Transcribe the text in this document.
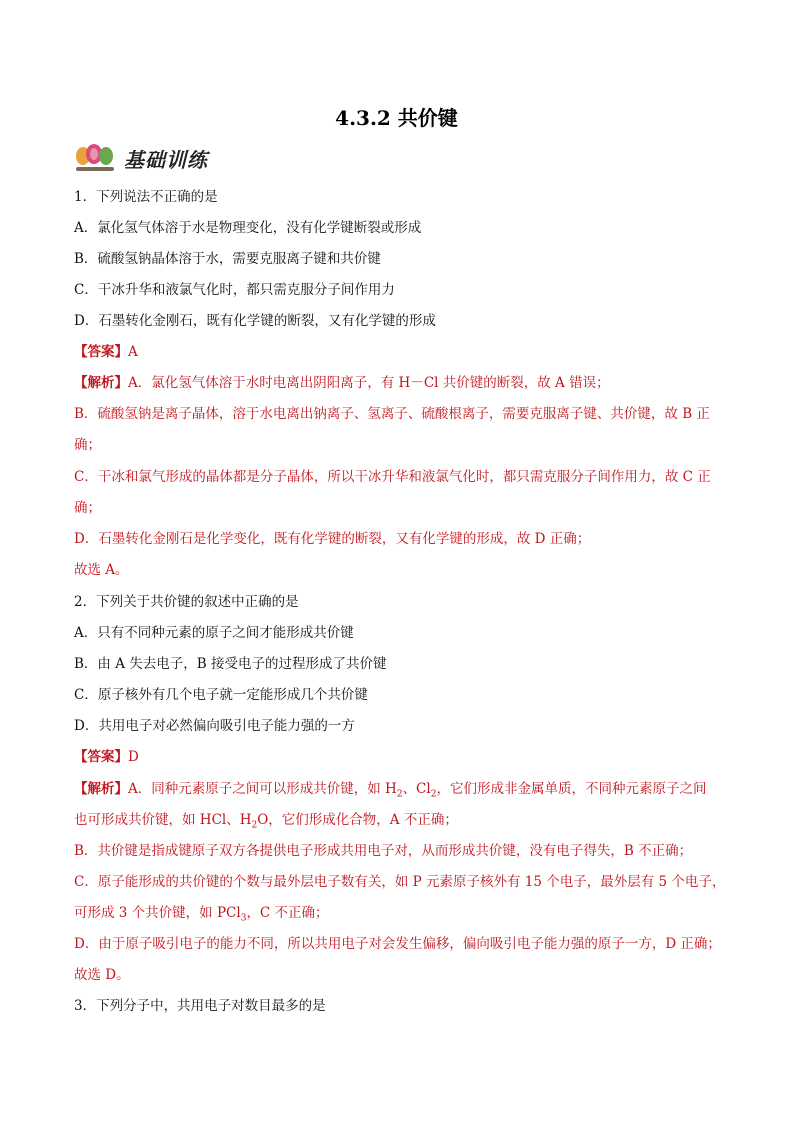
4.3.2 共价键
基础训练
1．下列说法不正确的是
A．氯化氢气体溶于水是物理变化，没有化学键断裂或形成
B．硫酸氢钠晶体溶于水，需要克服离子键和共价键
C．干冰升华和液氯气化时，都只需克服分子间作用力
D．石墨转化金刚石，既有化学键的断裂，又有化学键的形成
【答案】A
【解析】A．氯化氢气体溶于水时电离出阴阳离子，有 H－Cl 共价键的断裂，故 A 错误；
B．硫酸氢钠是离子晶体，溶于水电离出钠离子、氢离子、硫酸根离子，需要克服离子键、共价键，故 B 正
确；
C．干冰和氯气形成的晶体都是分子晶体，所以干冰升华和液氯气化时，都只需克服分子间作用力，故 C 正
确；
D．石墨转化金刚石是化学变化，既有化学键的断裂，又有化学键的形成，故 D 正确；
故选 A。
2．下列关于共价键的叙述中正确的是
A．只有不同种元素的原子之间才能形成共价键
B．由 A 失去电子，B 接受电子的过程形成了共价键
C．原子核外有几个电子就一定能形成几个共价键
D．共用电子对必然偏向吸引电子能力强的一方
【答案】D
【解析】A．同种元素原子之间可以形成共价键，如 $H_2$、$Cl_2$，它们形成非金属单质，不同种元素原子之间
也可形成共价键，如 HCl、$H_2O$，它们形成化合物，A 不正确；
B．共价键是指成键原子双方各提供电子形成共用电子对，从而形成共价键，没有电子得失，B 不正确；
C．原子能形成的共价键的个数与最外层电子数有关，如 P 元素原子核外有 15 个电子，最外层有 5 个电子，
可形成 3 个共价键，如 PCl$_3$，C 不正确；
D．由于原子吸引电子的能力不同，所以共用电子对会发生偏移，偏向吸引电子能力强的原子一方，D 正确；
故选 D。
3．下列分子中，共用电子对数目最多的是
